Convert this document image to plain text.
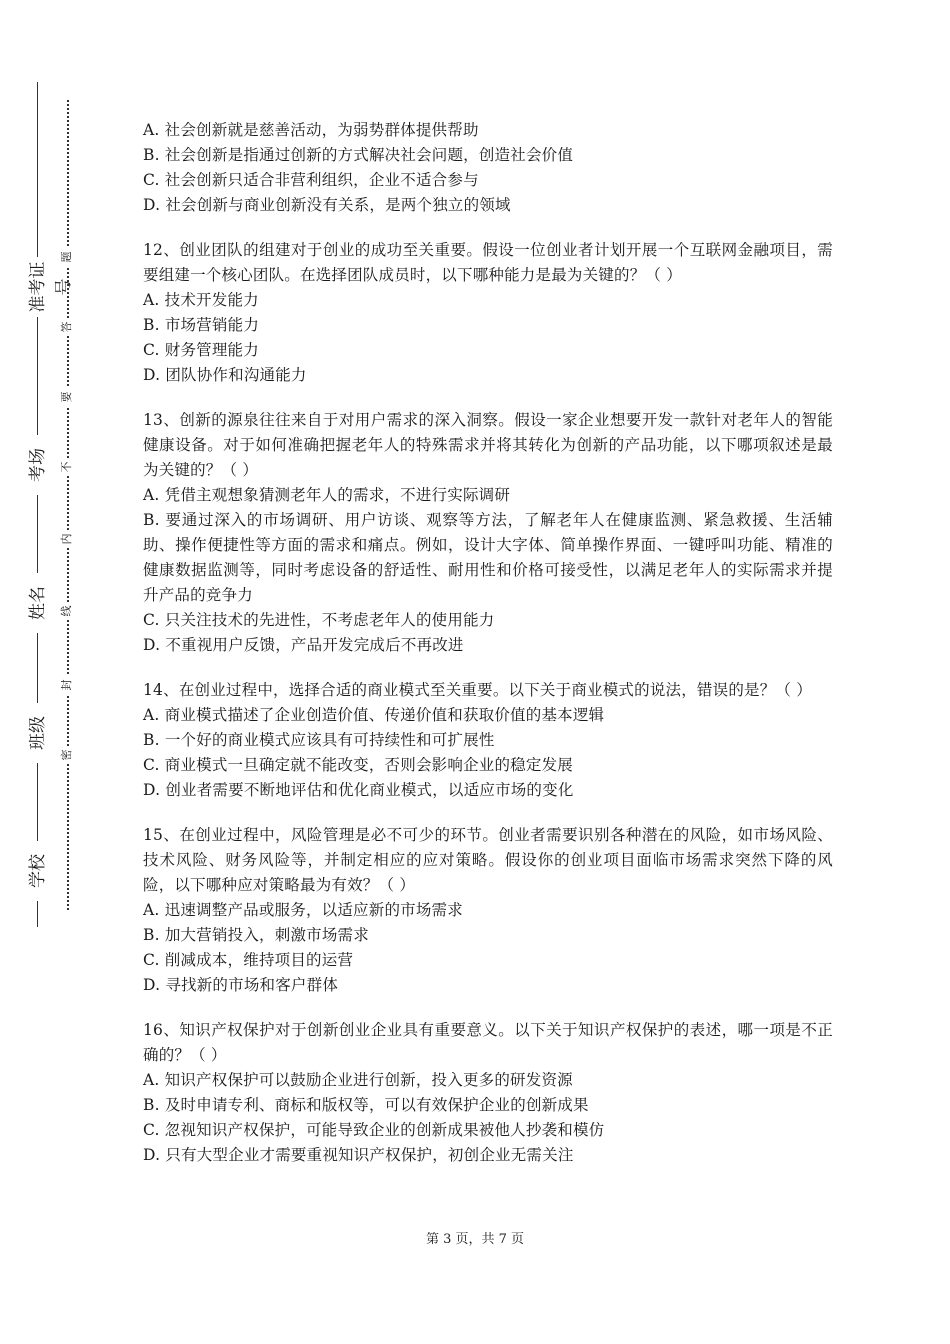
准考证号
考场
姓名
班级
学校
题
答
要
不
内
线
封
密
A. 社会创新就是慈善活动，为弱势群体提供帮助
B. 社会创新是指通过创新的方式解决社会问题，创造社会价值
C. 社会创新只适合非营利组织，企业不适合参与
D. 社会创新与商业创新没有关系，是两个独立的领域
12、创业团队的组建对于创业的成功至关重要。假设一位创业者计划开展一个互联网金融项目，需要组建一个核心团队。在选择团队成员时，以下哪种能力是最为关键的？（ ）
A. 技术开发能力
B. 市场营销能力
C. 财务管理能力
D. 团队协作和沟通能力
13、创新的源泉往往来自于对用户需求的深入洞察。假设一家企业想要开发一款针对老年人的智能健康设备。对于如何准确把握老年人的特殊需求并将其转化为创新的产品功能，以下哪项叙述是最为关键的？（ ）
A. 凭借主观想象猜测老年人的需求，不进行实际调研
B. 要通过深入的市场调研、用户访谈、观察等方法，了解老年人在健康监测、紧急救援、生活辅助、操作便捷性等方面的需求和痛点。例如，设计大字体、简单操作界面、一键呼叫功能、精准的健康数据监测等，同时考虑设备的舒适性、耐用性和价格可接受性，以满足老年人的实际需求并提升产品的竞争力
C. 只关注技术的先进性，不考虑老年人的使用能力
D. 不重视用户反馈，产品开发完成后不再改进
14、在创业过程中，选择合适的商业模式至关重要。以下关于商业模式的说法，错误的是？（ ）
A. 商业模式描述了企业创造价值、传递价值和获取价值的基本逻辑
B. 一个好的商业模式应该具有可持续性和可扩展性
C. 商业模式一旦确定就不能改变，否则会影响企业的稳定发展
D. 创业者需要不断地评估和优化商业模式，以适应市场的变化
15、在创业过程中，风险管理是必不可少的环节。创业者需要识别各种潜在的风险，如市场风险、技术风险、财务风险等，并制定相应的应对策略。假设你的创业项目面临市场需求突然下降的风险，以下哪种应对策略最为有效？（ ）
A. 迅速调整产品或服务，以适应新的市场需求
B. 加大营销投入，刺激市场需求
C. 削减成本，维持项目的运营
D. 寻找新的市场和客户群体
16、知识产权保护对于创新创业企业具有重要意义。以下关于知识产权保护的表述，哪一项是不正确的？（ ）
A. 知识产权保护可以鼓励企业进行创新，投入更多的研发资源
B. 及时申请专利、商标和版权等，可以有效保护企业的创新成果
C. 忽视知识产权保护，可能导致企业的创新成果被他人抄袭和模仿
D. 只有大型企业才需要重视知识产权保护，初创企业无需关注
第 3 页，共 7 页
